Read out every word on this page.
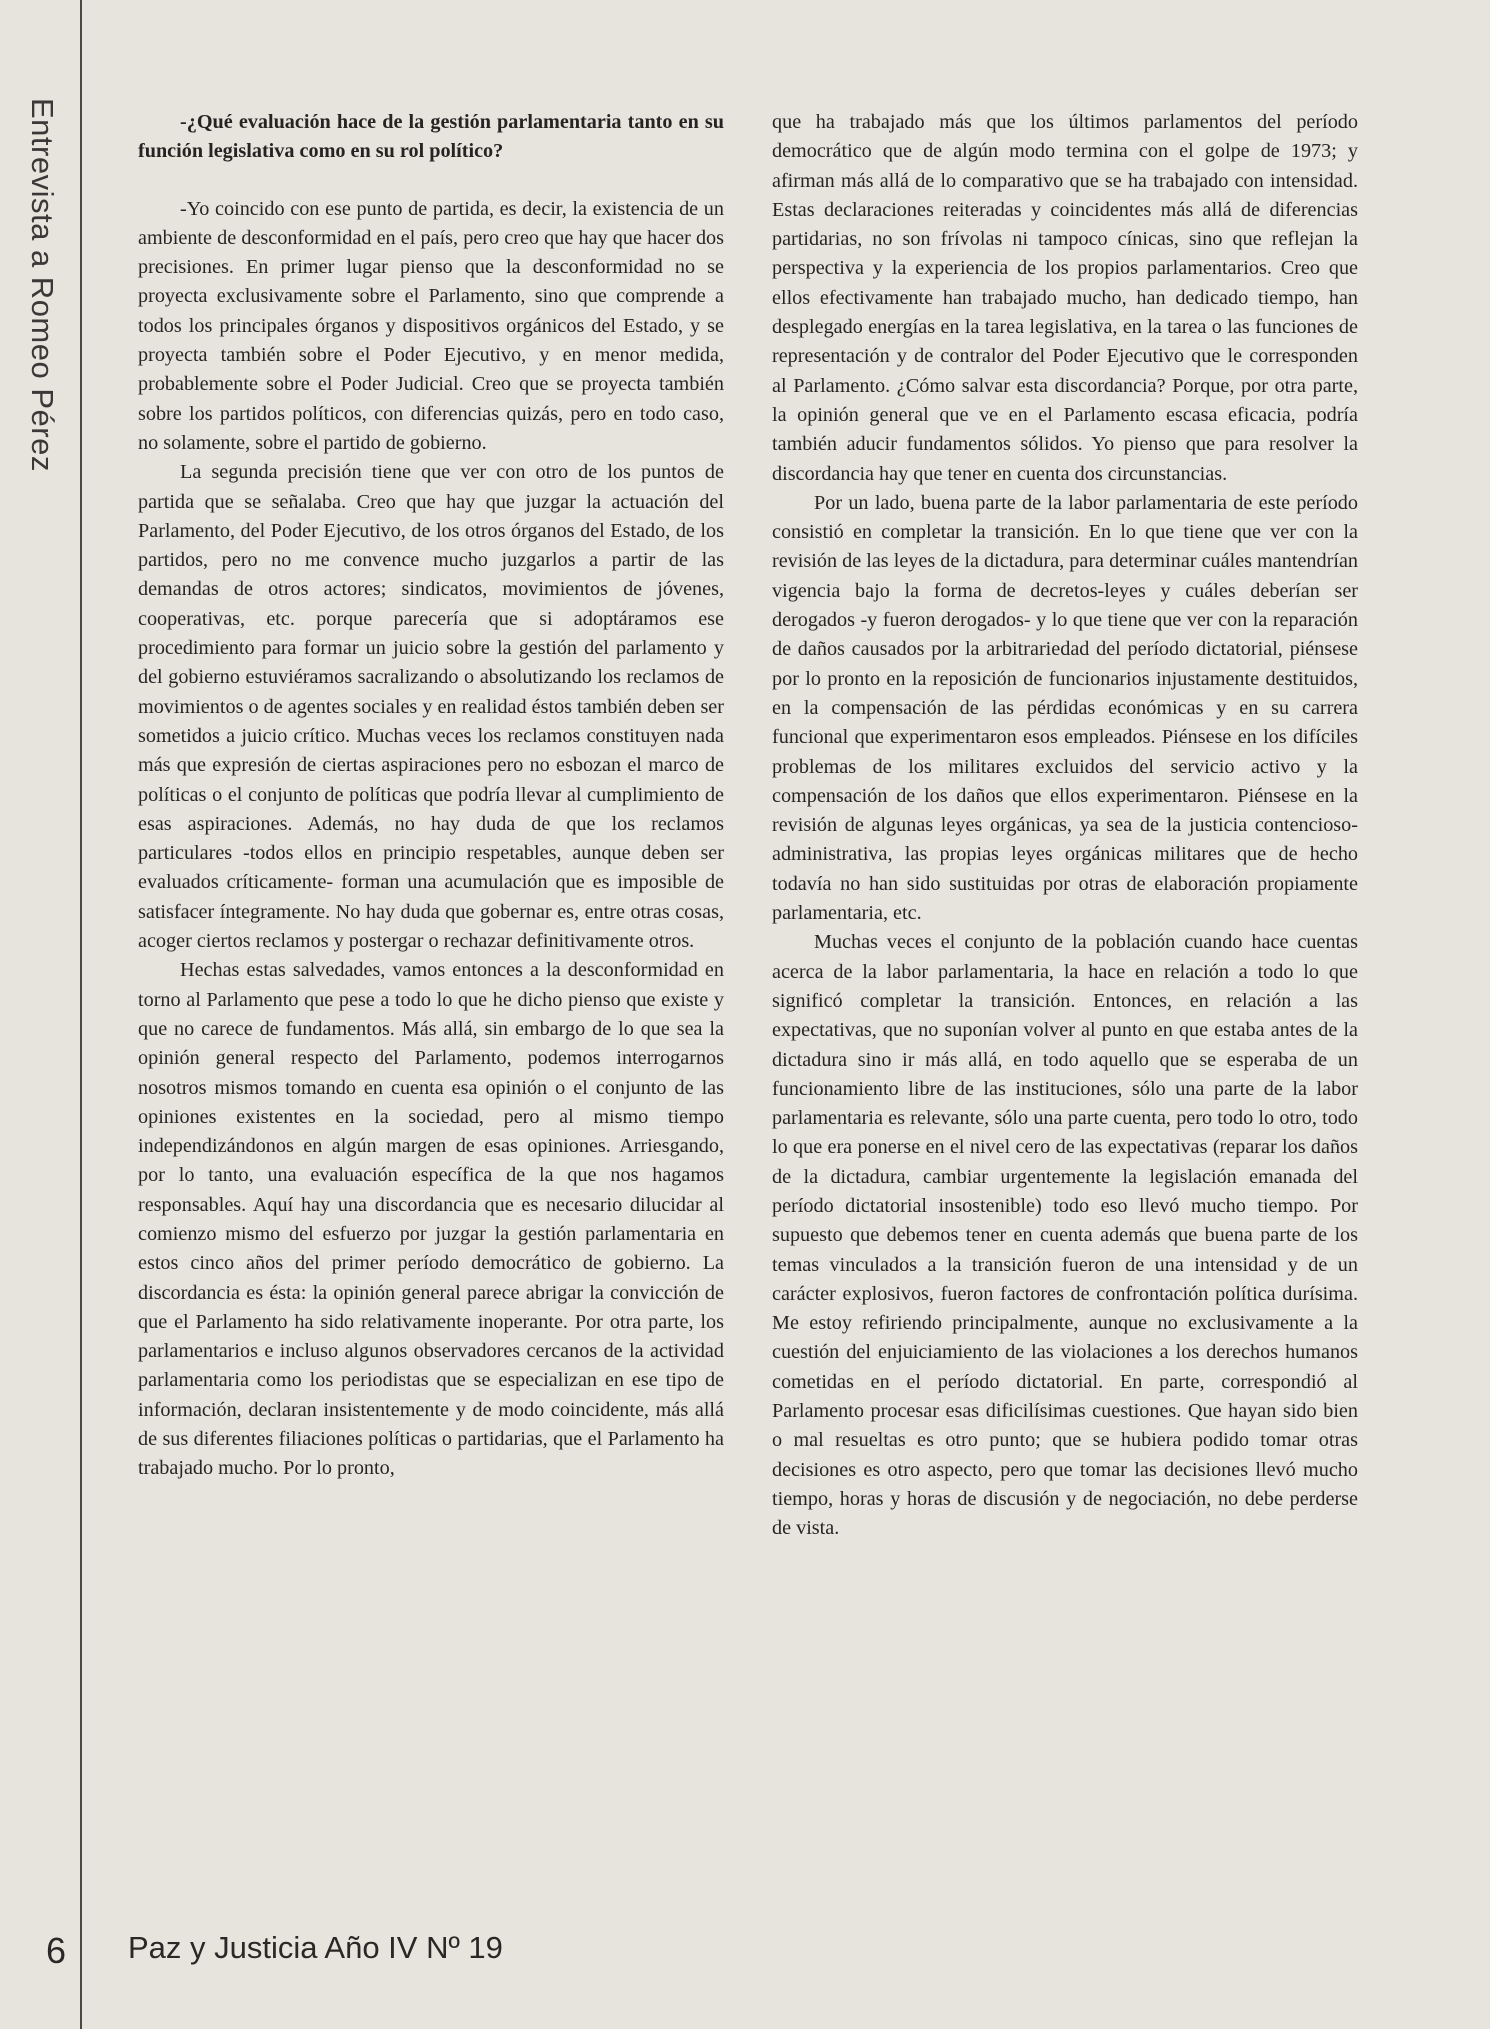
Entrevista a Romeo Pérez	-¿Qué evaluación hace de la gestión parlamentaria tanto en su función legislativa como en su rol político?

-Yo coincido con ese punto de partida, es decir, la existencia de un ambiente de desconformidad en el país, pero creo que hay que hacer dos precisiones. En primer lugar pienso que la desconformidad no se proyecta exclusivamente sobre el Parlamento, sino que comprende a todos los principales órganos y dispositivos orgánicos del Estado, y se proyecta también sobre el Poder Ejecutivo, y en menor medida, probablemente sobre el Poder Judicial. Creo que se proyecta también sobre los partidos políticos, con diferencias quizás, pero en todo caso, no solamente, sobre el partido de gobierno.

La segunda precisión tiene que ver con otro de los puntos de partida que se señalaba. Creo que hay que juzgar la actuación del Parlamento, del Poder Ejecutivo, de los otros órganos del Estado, de los partidos, pero no me convence mucho juzgarlos a partir de las demandas de otros actores; sindicatos, movimientos de jóvenes, cooperativas, etc. porque parecería que si adoptáramos ese procedimiento para formar un juicio sobre la gestión del parlamento y del gobierno estuviéramos sacralizando o absolutizando los reclamos de movimientos o de agentes sociales y en realidad éstos también deben ser sometidos a juicio crítico. Muchas veces los reclamos constituyen nada más que expresión de ciertas aspiraciones pero no esbozan el marco de políticas o el conjunto de políticas que podría llevar al cumplimiento de esas aspiraciones. Además, no hay duda de que los reclamos particulares -todos ellos en principio respetables, aunque deben ser evaluados críticamente- forman una acumulación que es imposible de satisfacer íntegramente. No hay duda que gobernar es, entre otras cosas, acoger ciertos reclamos y postergar o rechazar definitivamente otros.

Hechas estas salvedades, vamos entonces a la desconformidad en torno al Parlamento que pese a todo lo que he dicho pienso que existe y que no carece de fundamentos. Más allá, sin embargo de lo que sea la opinión general respecto del Parlamento, podemos interrogarnos nosotros mismos tomando en cuenta esa opinión o el conjunto de las opiniones existentes en la sociedad, pero al mismo tiempo independizándonos en algún margen de esas opiniones. Arriesgando, por lo tanto, una evaluación específica de la que nos hagamos responsables. Aquí hay una discordancia que es necesario dilucidar al comienzo mismo del esfuerzo por juzgar la gestión parlamentaria en estos cinco años del primer período democrático de gobierno. La discordancia es ésta: la opinión general parece abrigar la convicción de que el Parlamento ha sido relativamente inoperante. Por otra parte, los parlamentarios e incluso algunos observadores cercanos de la actividad parlamentaria como los periodistas que se especializan en ese tipo de información, declaran insistentemente y de modo coincidente, más allá de sus diferentes filiaciones políticas o partidarias, que el Parlamento ha trabajado mucho. Por lo pronto,

que ha trabajado más que los últimos parlamentos del período democrático que de algún modo termina con el golpe de 1973; y afirman más allá de lo comparativo que se ha trabajado con intensidad. Estas declaraciones reiteradas y coincidentes más allá de diferencias partidarias, no son frívolas ni tampoco cínicas, sino que reflejan la perspectiva y la experiencia de los propios parlamentarios. Creo que ellos efectivamente han trabajado mucho, han dedicado tiempo, han desplegado energías en la tarea legislativa, en la tarea o las funciones de representación y de contralor del Poder Ejecutivo que le corresponden al Parlamento. ¿Cómo salvar esta discordancia? Porque, por otra parte, la opinión general que ve en el Parlamento escasa eficacia, podría también aducir fundamentos sólidos. Yo pienso que para resolver la discordancia hay que tener en cuenta dos circunstancias.

Por un lado, buena parte de la labor parlamentaria de este período consistió en completar la transición. En lo que tiene que ver con la revisión de las leyes de la dictadura, para determinar cuáles mantendrían vigencia bajo la forma de decretos-leyes y cuáles deberían ser derogados -y fueron derogados- y lo que tiene que ver con la reparación de daños causados por la arbitrariedad del período dictatorial, piénsese por lo pronto en la reposición de funcionarios injustamente destituidos, en la compensación de las pérdidas económicas y en su carrera funcional que experimentaron esos empleados. Piénsese en los difíciles problemas de los militares excluidos del servicio activo y la compensación de los daños que ellos experimentaron. Piénsese en la revisión de algunas leyes orgánicas, ya sea de la justicia contencioso-administrativa, las propias leyes orgánicas militares que de hecho todavía no han sido sustituidas por otras de elaboración propiamente parlamentaria, etc.

Muchas veces el conjunto de la población cuando hace cuentas acerca de la labor parlamentaria, la hace en relación a todo lo que significó completar la transición. Entonces, en relación a las expectativas, que no suponían volver al punto en que estaba antes de la dictadura sino ir más allá, en todo aquello que se esperaba de un funcionamiento libre de las instituciones, sólo una parte de la labor parlamentaria es relevante, sólo una parte cuenta, pero todo lo otro, todo lo que era ponerse en el nivel cero de las expectativas (reparar los daños de la dictadura, cambiar urgentemente la legislación emanada del período dictatorial insostenible) todo eso llevó mucho tiempo. Por supuesto que debemos tener en cuenta además que buena parte de los temas vinculados a la transición fueron de una intensidad y de un carácter explosivos, fueron factores de confrontación política durísima. Me estoy refiriendo principalmente, aunque no exclusivamente a la cuestión del enjuiciamiento de las violaciones a los derechos humanos cometidas en el período dictatorial. En parte, correspondió al Parlamento procesar esas dificilísimas cuestiones. Que hayan sido bien o mal resueltas es otro punto; que se hubiera podido tomar otras decisiones es otro aspecto, pero que tomar las decisiones llevó mucho tiempo, horas y horas de discusión y de negociación, no debe perderse de vista.

6 Paz y Justicia Año IV Nº 19
